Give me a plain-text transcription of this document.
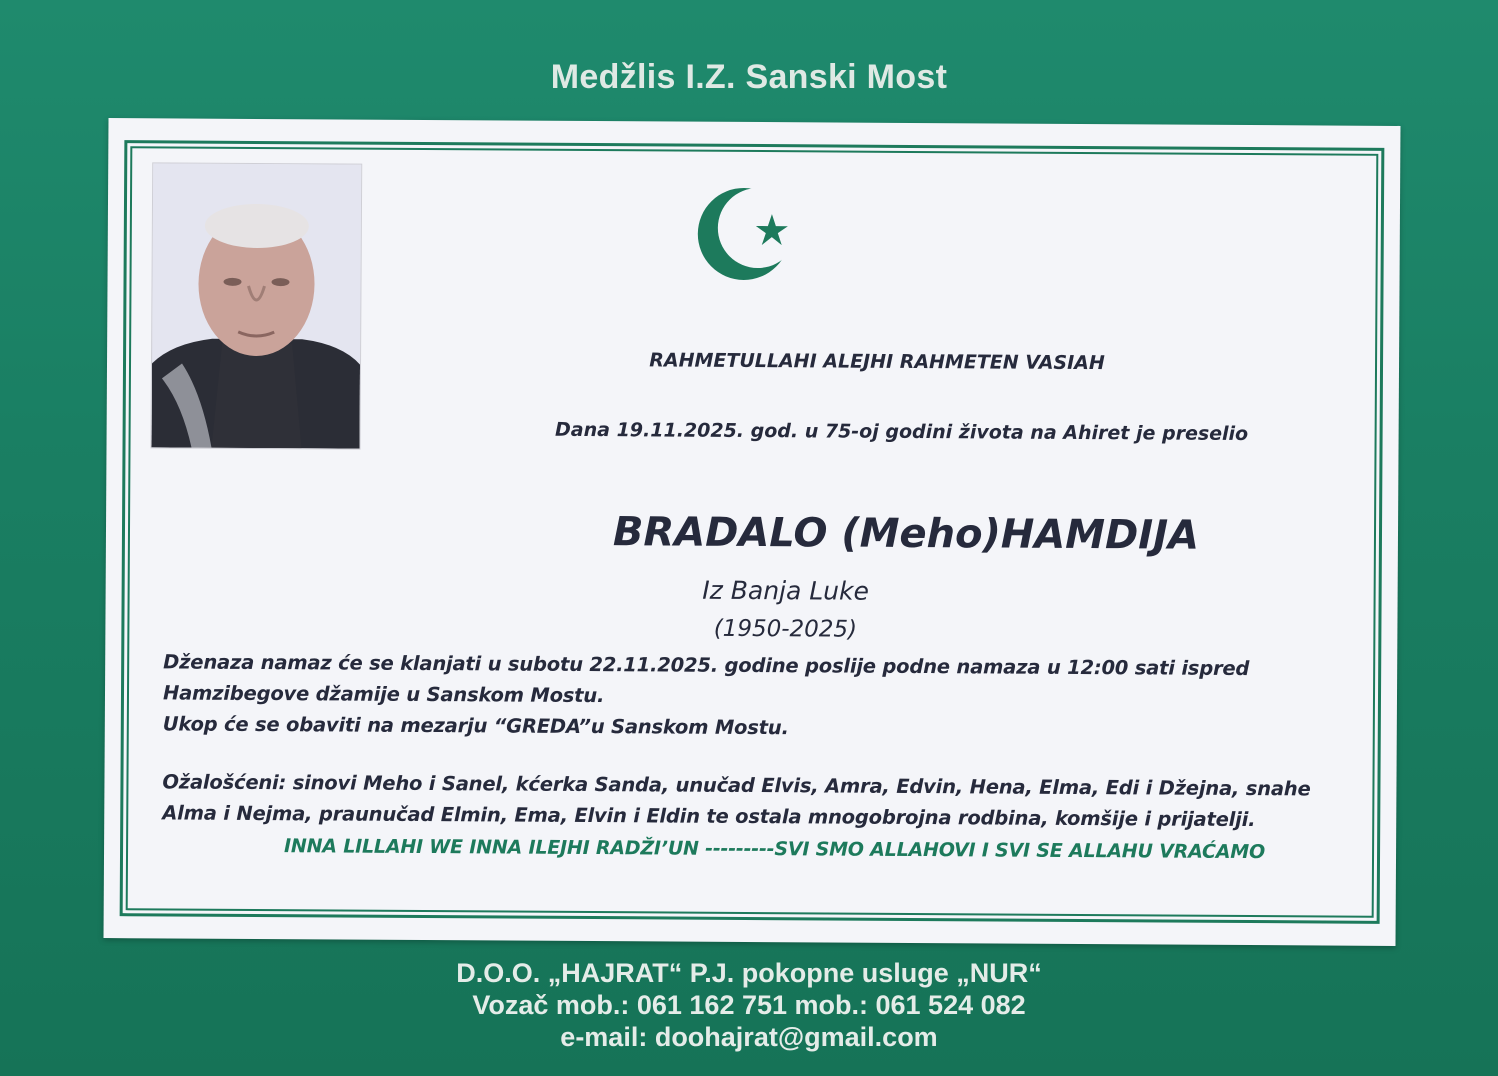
Medžlis I.Z. Sanski Most
RAHMETULLAHI ALEJHI RAHMETEN VASIAH
Dana 19.11.2025. god. u 75-oj godini života na Ahiret je preselio
BRADALO (Meho)HAMDIJA
Iz Banja Luke
(1950-2025)
Dženaza namaz će se klanjati u subotu 22.11.2025. godine poslije podne namaza u 12:00 sati ispred
Hamzibegove džamije u Sanskom Mostu.
Ukop će se obaviti na mezarju “GREDA”u Sanskom Mostu.
Ožalošćeni: sinovi Meho i Sanel, kćerka Sanda, unučad Elvis, Amra, Edvin, Hena, Elma, Edi i Džejna, snahe
Alma i Nejma, praunučad Elmin, Ema, Elvin i Eldin te ostala mnogobrojna rodbina, komšije i prijatelji.
INNA LILLAHI WE INNA ILEJHI RADŽI’UN ---------SVI SMO ALLAHOVI I SVI SE ALLAHU VRAĆAMO
D.O.O. „HAJRAT“ P.J. pokopne usluge „NUR“
Vozač mob.: 061 162 751 mob.: 061 524 082
e-mail: doohajrat@gmail.com
